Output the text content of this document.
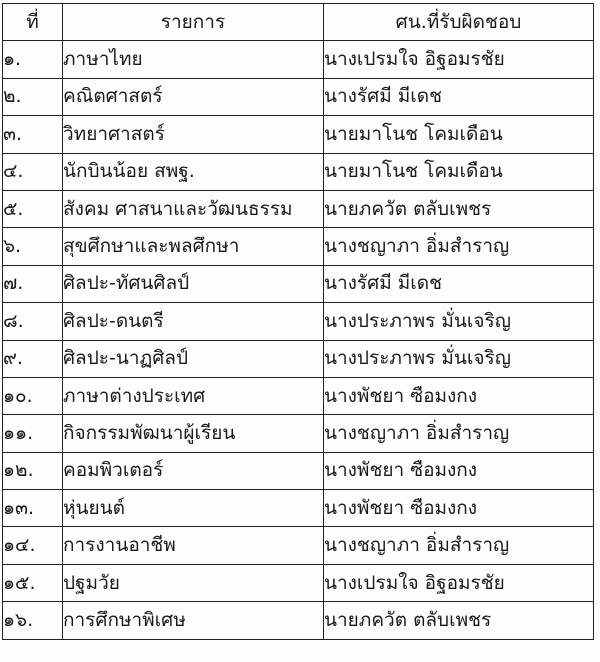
ที่	รายการ	ศน.ที่รับผิดชอบ
๑.	ภาษาไทย	นางเปรมใจ อิฐอมรชัย
๒.	คณิตศาสตร์	นางรัศมี มีเดช
๓.	วิทยาศาสตร์	นายมาโนช โคมเดือน
๔.	นักบินน้อย สพฐ.	นายมาโนช โคมเดือน
๕.	สังคม ศาสนาและวัฒนธรรม	นายภควัต ตลับเพชร
๖.	สุขศึกษาและพลศึกษา	นางชญาภา อิ่มสำราญ
๗.	ศิลปะ-ทัศนศิลป์	นางรัศมี มีเดช
๘.	ศิลปะ-ดนตรี	นางประภาพร มั่นเจริญ
๙.	ศิลปะ-นาฏศิลป์	นางประภาพร มั่นเจริญ
๑๐.	ภาษาต่างประเทศ	นางพัชยา ซือมงกง
๑๑.	กิจกรรมพัฒนาผู้เรียน	นางชญาภา อิ่มสำราญ
๑๒.	คอมพิวเตอร์	นางพัชยา ซือมงกง
๑๓.	หุ่นยนต์	นางพัชยา ซือมงกง
๑๔.	การงานอาชีพ	นางชญาภา อิ่มสำราญ
๑๕.	ปฐมวัย	นางเปรมใจ อิฐอมรชัย
๑๖.	การศึกษาพิเศษ	นายภควัต ตลับเพชร
